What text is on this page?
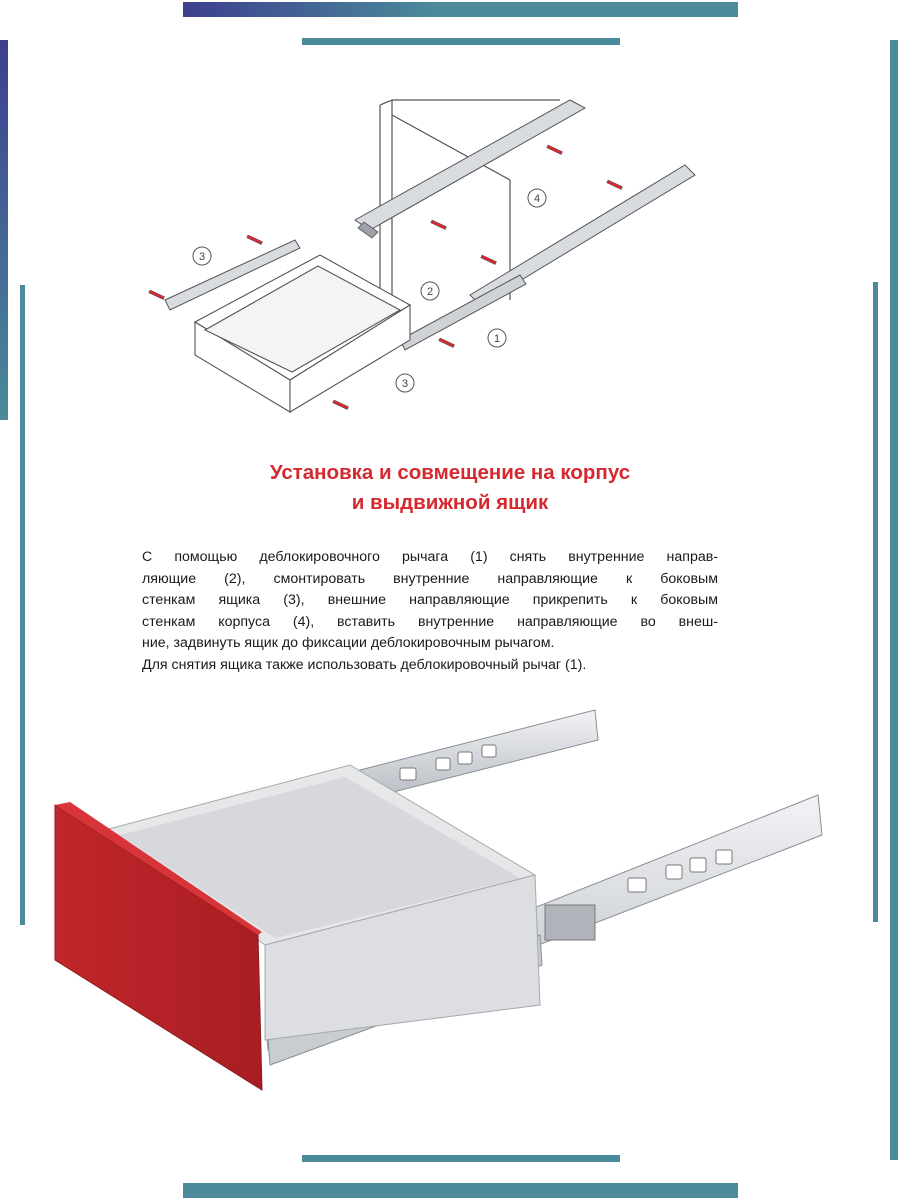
1
2
3
3
4
Установка и совмещение на корпус
и выдвижной ящик
С помощью деблокировочного рычага (1) снять внутренние направ-
ляющие (2), смонтировать внутренние направляющие к боковым
стенкам ящика (3), внешние направляющие прикрепить к боковым
стенкам корпуса (4), вставить внутренние направляющие во внеш-
ние, задвинуть ящик до фиксации деблокировочным рычагом.
Для снятия ящика также использовать деблокировочный рычаг (1).
